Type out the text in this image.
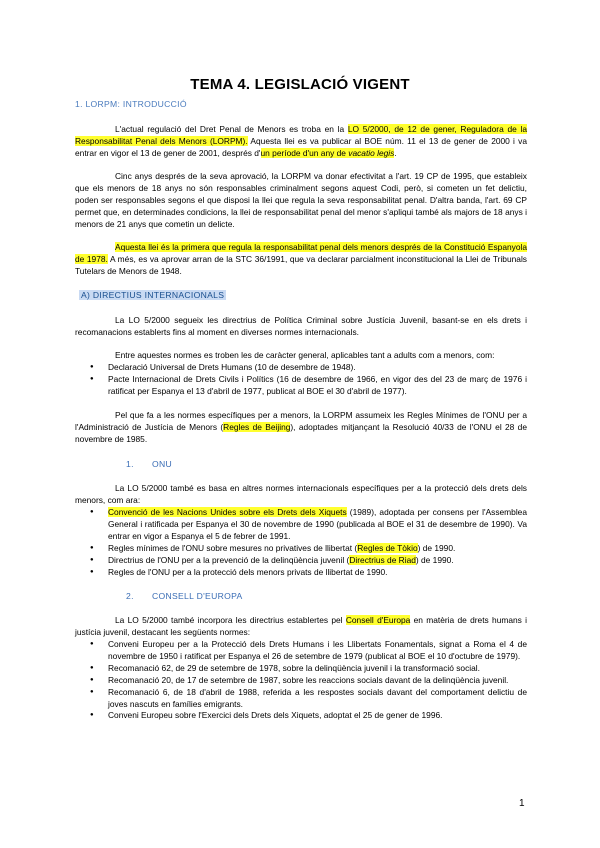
TEMA 4. LEGISLACIÓ VIGENT
1. LORPM: INTRODUCCIÓ
L'actual regulació del Dret Penal de Menors es troba en la LO 5/2000, de 12 de gener, Reguladora de la Responsabilitat Penal dels Menors (LORPM). Aquesta llei es va publicar al BOE núm. 11 el 13 de gener de 2000 i va entrar en vigor el 13 de gener de 2001, després d'un període d'un any de vacatio legis.
Cinc anys després de la seva aprovació, la LORPM va donar efectivitat a l'art. 19 CP de 1995, que estableix que els menors de 18 anys no són responsables criminalment segons aquest Codi, però, si cometen un fet delictiu, poden ser responsables segons el que disposi la llei que regula la seva responsabilitat penal. D'altra banda, l'art. 69 CP permet que, en determinades condicions, la llei de responsabilitat penal del menor s'apliqui també als majors de 18 anys i menors de 21 anys que cometin un delicte.
Aquesta llei és la primera que regula la responsabilitat penal dels menors després de la Constitució Espanyola de 1978. A més, es va aprovar arran de la STC 36/1991, que va declarar parcialment inconstitucional la Llei de Tribunals Tutelars de Menors de 1948.
A) DIRECTIUS INTERNACIONALS
La LO 5/2000 segueix les directrius de Política Criminal sobre Justícia Juvenil, basant-se en els drets i recomanacions establerts fins al moment en diverses normes internacionals.
Entre aquestes normes es troben les de caràcter general, aplicables tant a adults com a menors, com:
● Declaració Universal de Drets Humans (10 de desembre de 1948).
● Pacte Internacional de Drets Civils i Polítics (16 de desembre de 1966, en vigor des del 23 de març de 1976 i ratificat per Espanya el 13 d'abril de 1977, publicat al BOE el 30 d'abril de 1977).
Pel que fa a les normes específiques per a menors, la LORPM assumeix les Regles Mínimes de l'ONU per a l'Administració de Justícia de Menors (Regles de Beijing), adoptades mitjançant la Resolució 40/33 de l'ONU el 28 de novembre de 1985.
1. ONU
La LO 5/2000 també es basa en altres normes internacionals específiques per a la protecció dels drets dels menors, com ara:
● Convenció de les Nacions Unides sobre els Drets dels Xiquets (1989), adoptada per consens per l'Assemblea General i ratificada per Espanya el 30 de novembre de 1990 (publicada al BOE el 31 de desembre de 1990). Va entrar en vigor a Espanya el 5 de febrer de 1991.
● Regles mínimes de l'ONU sobre mesures no privatives de llibertat (Regles de Tòkio) de 1990.
● Directrius de l'ONU per a la prevenció de la delinqüència juvenil (Directrius de Riad) de 1990.
● Regles de l'ONU per a la protecció dels menors privats de llibertat de 1990.
2. CONSELL D'EUROPA
La LO 5/2000 també incorpora les directrius establertes pel Consell d'Europa en matèria de drets humans i justícia juvenil, destacant les següents normes:
● Conveni Europeu per a la Protecció dels Drets Humans i les Llibertats Fonamentals, signat a Roma el 4 de novembre de 1950 i ratificat per Espanya el 26 de setembre de 1979 (publicat al BOE el 10 d'octubre de 1979).
● Recomanació 62, de 29 de setembre de 1978, sobre la delinqüència juvenil i la transformació social.
● Recomanació 20, de 17 de setembre de 1987, sobre les reaccions socials davant de la delinqüència juvenil.
● Recomanació 6, de 18 d'abril de 1988, referida a les respostes socials davant del comportament delictiu de joves nascuts en famílies emigrants.
● Conveni Europeu sobre l'Exercici dels Drets dels Xiquets, adoptat el 25 de gener de 1996.
1
